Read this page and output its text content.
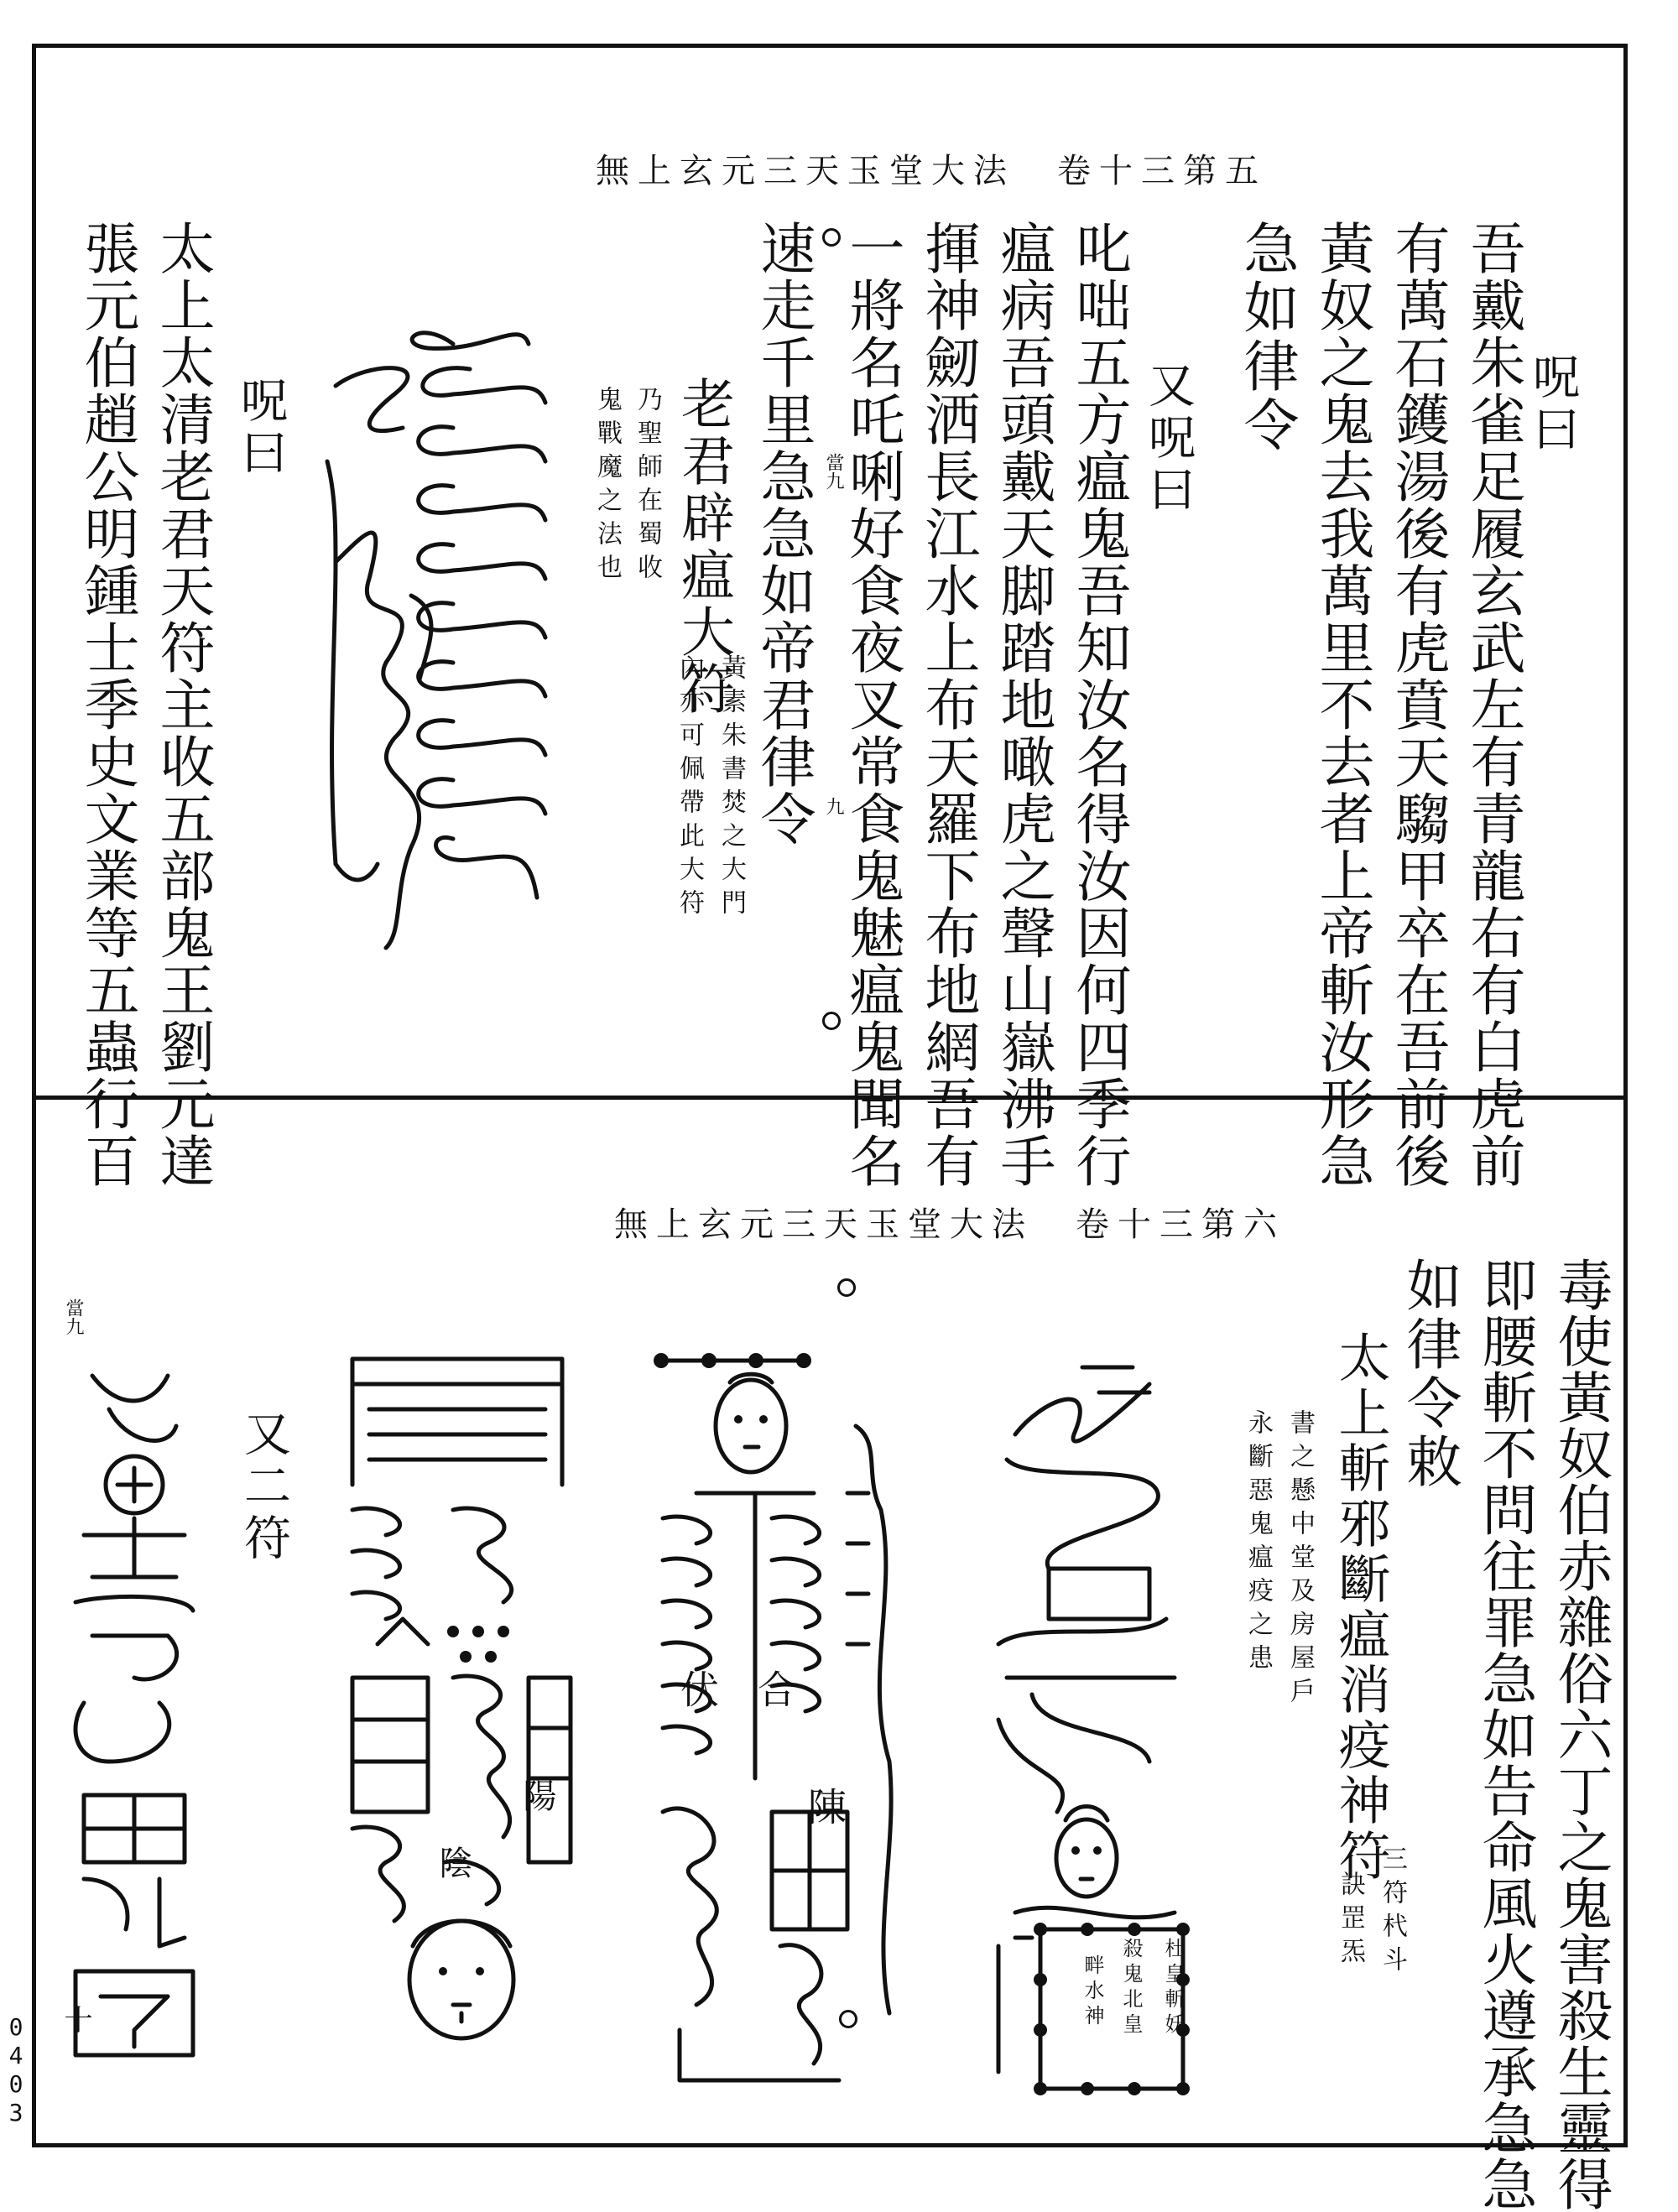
0
4
0
3
無上玄元三天玉堂大法　卷十三第五
呪曰
吾戴朱雀足履玄武左有青龍右有白虎前
有萬石鑊湯後有虎賁天騶甲卒在吾前後
黃奴之鬼去我萬里不去者上帝斬汝形急
急如律令
又呪曰
叱咄五方瘟鬼吾知汝名得汝因何四季行
瘟病吾頭戴天脚踏地噉虎之聲山嶽沸手
揮神劒洒長江水上布天羅下布地網吾有
一將名吒唎好食夜叉常食鬼魅瘟鬼聞名
速走千里急急如帝君律令 當九
九
老君辟瘟大符
黃素朱書焚之大門
內亦可佩帶此大符
乃聖師在蜀收
鬼戰魔之法也
呪曰
太上太清老君天符主收五部鬼王劉元達
張元伯趙公明鍾士季史文業等五蟲行百
無上玄元三天玉堂大法　卷十三第六
毒使黃奴伯赤雜俗六丁之鬼害殺生靈得
即腰斬不問往罪急如告命風火遵承急急
如律令敕
太上斬邪斷瘟消疫神符
三符杙斗
書之懸中堂及房屋戶
訣罡炁
永斷惡鬼瘟疫之患
杜皇斬妖
殺鬼北皇
畔水神
伏 合
陳
陽
陰
又二符
當九
十
